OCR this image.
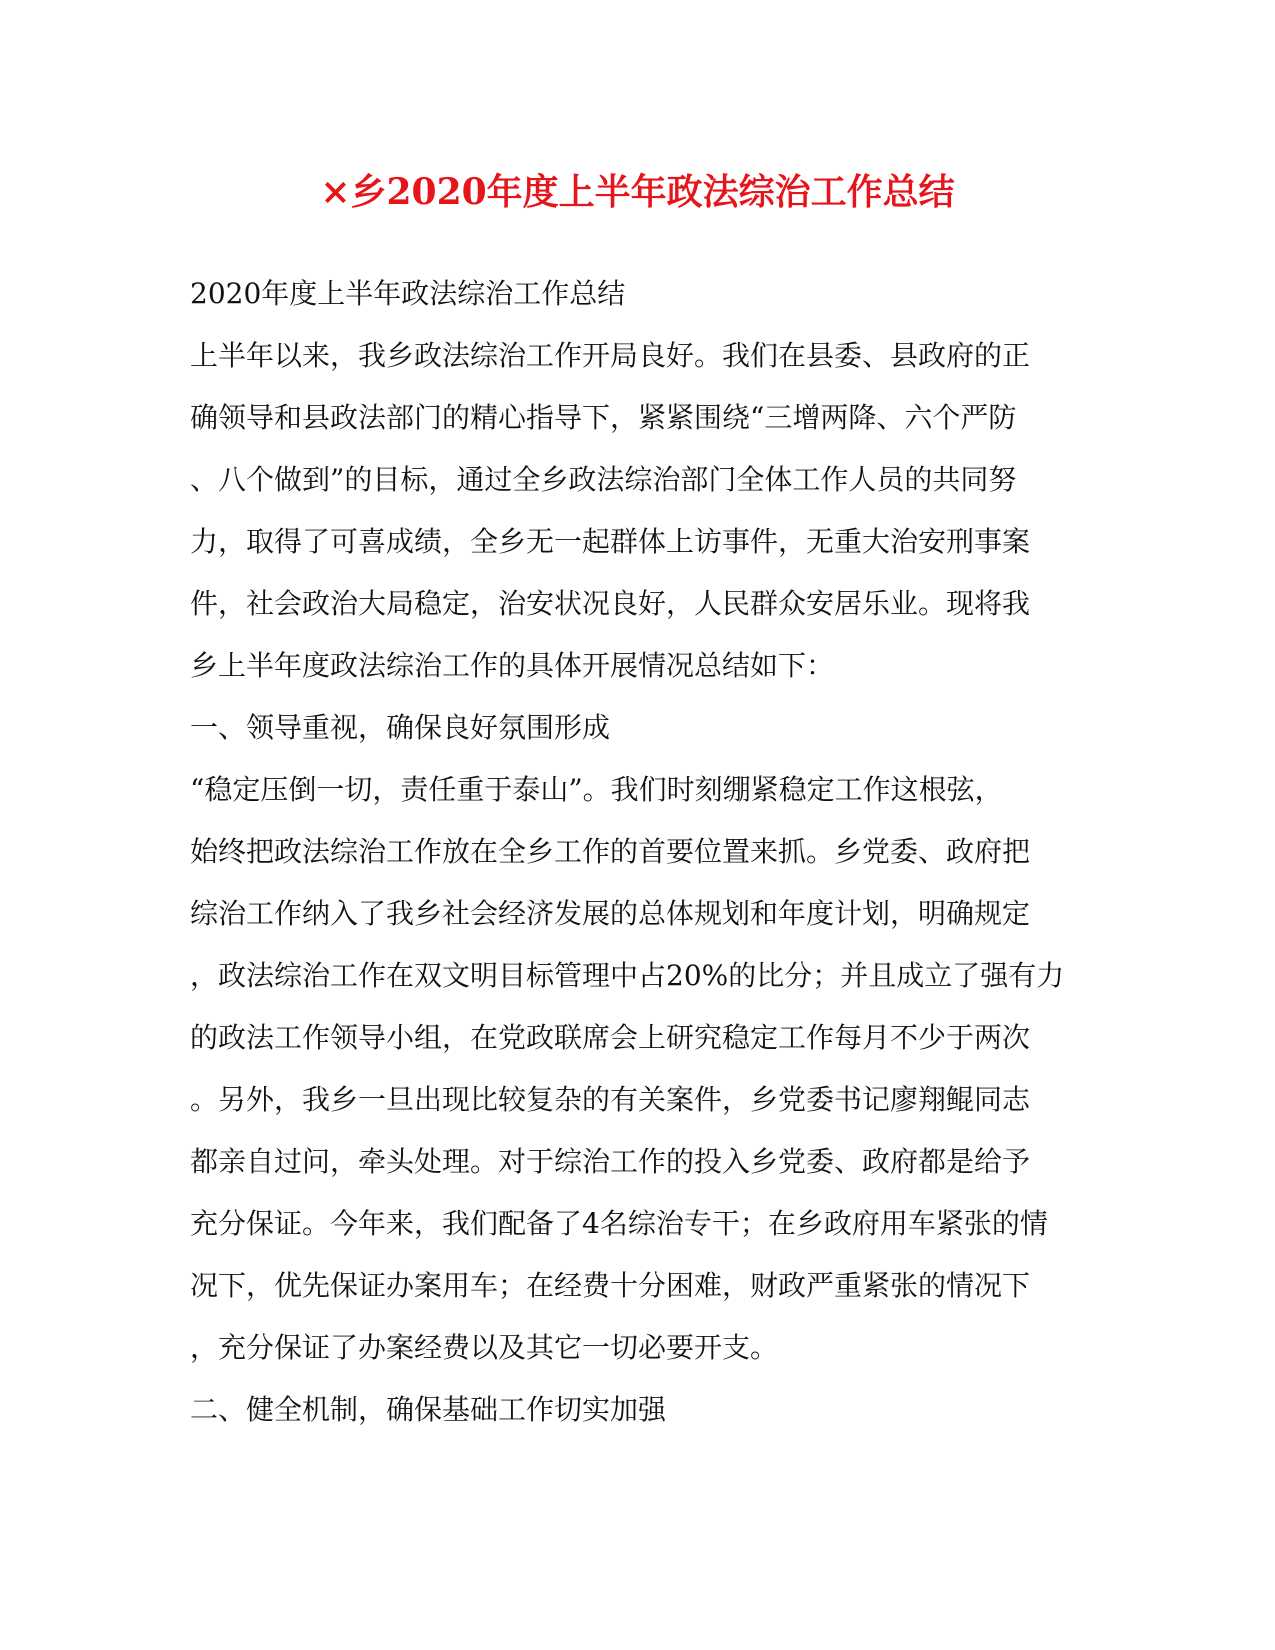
×乡2020年度上半年政法综治工作总结

2020年度上半年政法综治工作总结

上半年以来，我乡政法综治工作开局良好。我们在县委、县政府的正

确领导和县政法部门的精心指导下，紧紧围绕“三增两降、六个严防

、八个做到”的目标，通过全乡政法综治部门全体工作人员的共同努

力，取得了可喜成绩，全乡无一起群体上访事件，无重大治安刑事案

件，社会政治大局稳定，治安状况良好，人民群众安居乐业。现将我

乡上半年度政法综治工作的具体开展情况总结如下：

一、领导重视，确保良好氛围形成

“稳定压倒一切，责任重于泰山”。我们时刻绷紧稳定工作这根弦，

始终把政法综治工作放在全乡工作的首要位置来抓。乡党委、政府把

综治工作纳入了我乡社会经济发展的总体规划和年度计划，明确规定

，政法综治工作在双文明目标管理中占20%的比分；并且成立了强有力

的政法工作领导小组，在党政联席会上研究稳定工作每月不少于两次

。另外，我乡一旦出现比较复杂的有关案件，乡党委书记廖翔鲲同志

都亲自过问，牵头处理。对于综治工作的投入乡党委、政府都是给予

充分保证。今年来，我们配备了4名综治专干；在乡政府用车紧张的情

况下，优先保证办案用车；在经费十分困难，财政严重紧张的情况下

，充分保证了办案经费以及其它一切必要开支。

二、健全机制，确保基础工作切实加强
